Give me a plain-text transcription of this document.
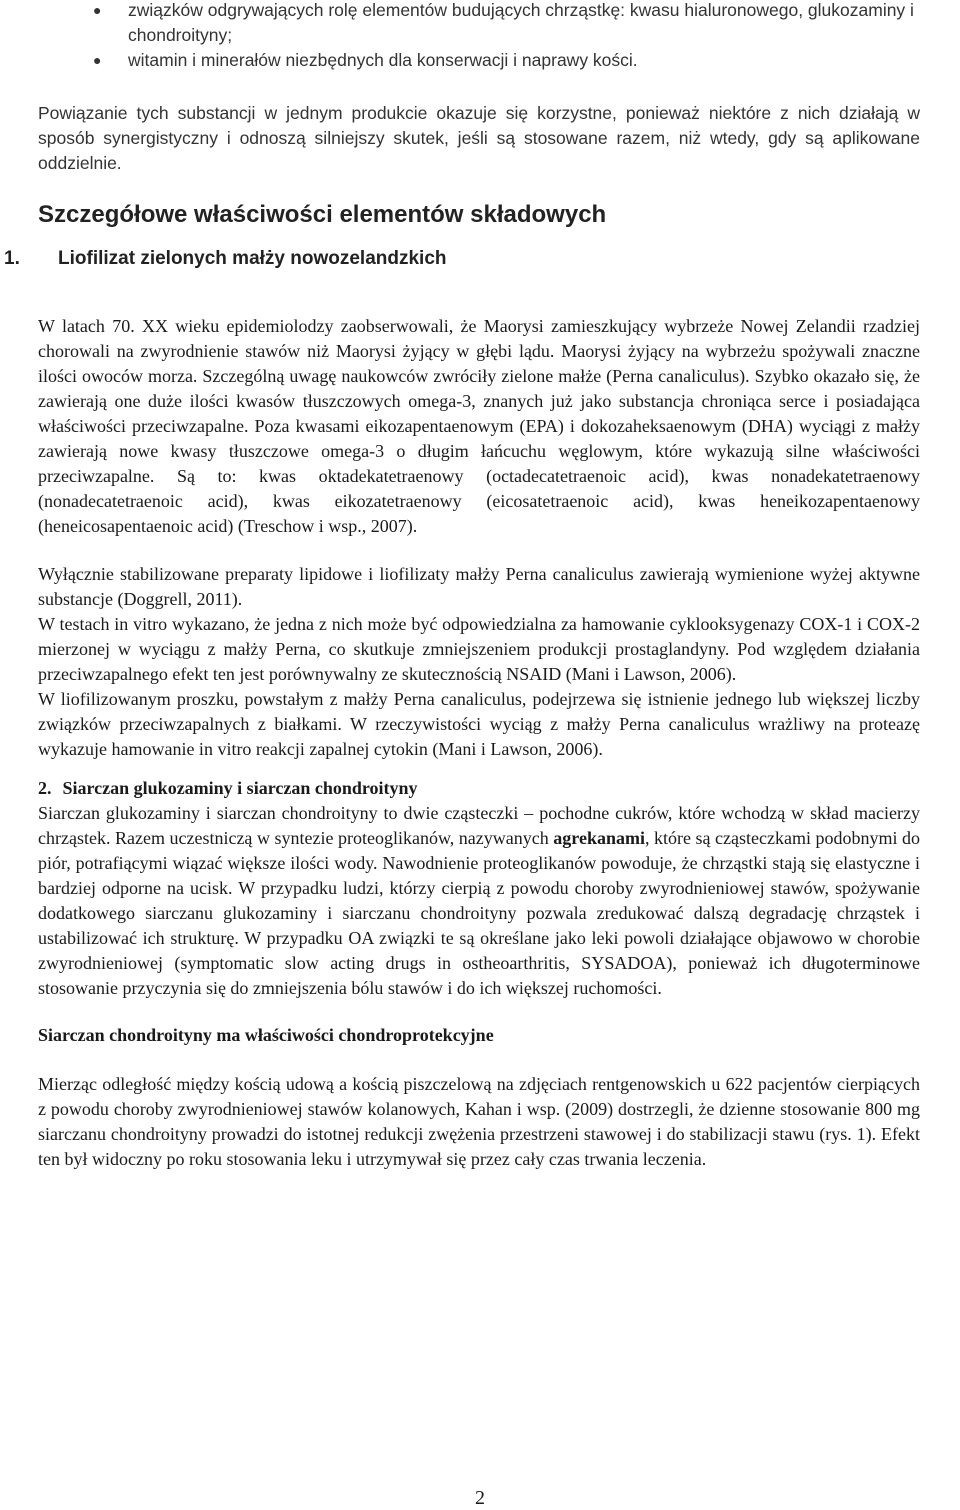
● związków odgrywających rolę elementów budujących chrząstkę: kwasu hialuronowego, glukozaminy i chondroityny;
● witamin i minerałów niezbędnych dla konserwacji i naprawy kości.

Powiązanie tych substancji w jednym produkcie okazuje się korzystne, ponieważ niektóre z nich działają w sposób synergistyczny i odnoszą silniejszy skutek, jeśli są stosowane razem, niż wtedy, gdy są aplikowane oddzielnie.

Szczegółowe właściwości elementów składowych
1. Liofilizat zielonych małży nowozelandzkich

W latach 70. XX wieku epidemiolodzy zaobserwowali, że Maorysi zamieszkujący wybrzeże Nowej Zelandii rzadziej chorowali na zwyrodnienie stawów niż Maorysi żyjący w głębi lądu. Maorysi żyjący na wybrzeżu spożywali znaczne ilości owoców morza. Szczególną uwagę naukowców zwróciły zielone małże (Perna canaliculus). Szybko okazało się, że zawierają one duże ilości kwasów tłuszczowych omega-3, znanych już jako substancja chroniąca serce i posiadająca właściwości przeciwzapalne. Poza kwasami eikozapentaenowym (EPA) i dokozaheksaenowym (DHA) wyciągi z małży zawierają nowe kwasy tłuszczowe omega-3 o długim łańcuchu węglowym, które wykazują silne właściwości przeciwzapalne. Są to: kwas oktadekatetraenowy (octadecatetraenoic acid), kwas nonadekatetraenowy (nonadecatetraenoic acid), kwas eikozatetraenowy (eicosatetraenoic acid), kwas heneikozapentaenowy (heneicosapentaenoic acid) (Treschow i wsp., 2007).

Wyłącznie stabilizowane preparaty lipidowe i liofilizaty małży Perna canaliculus zawierają wymienione wyżej aktywne substancje (Doggrell, 2011).

W testach in vitro wykazano, że jedna z nich może być odpowiedzialna za hamowanie cyklooksygenazy COX-1 i COX-2 mierzonej w wyciągu z małży Perna, co skutkuje zmniejszeniem produkcji prostaglandyny. Pod względem działania przeciwzapalnego efekt ten jest porównywalny ze skutecznością NSAID (Mani i Lawson, 2006).

W liofilizowanym proszku, powstałym z małży Perna canaliculus, podejrzewa się istnienie jednego lub większej liczby związków przeciwzapalnych z białkami. W rzeczywistości wyciąg z małży Perna canaliculus wrażliwy na proteazę wykazuje hamowanie in vitro reakcji zapalnej cytokin (Mani i Lawson, 2006).

2. Siarczan glukozaminy i siarczan chondroityny

Siarczan glukozaminy i siarczan chondroityny to dwie cząsteczki – pochodne cukrów, które wchodzą w skład macierzy chrząstek. Razem uczestniczą w syntezie proteoglikanów, nazywanych agrekanami, które są cząsteczkami podobnymi do piór, potrafiącymi wiązać większe ilości wody. Nawodnienie proteoglikanów powoduje, że chrząstki stają się elastyczne i bardziej odporne na ucisk. W przypadku ludzi, którzy cierpią z powodu choroby zwyrodnieniowej stawów, spożywanie dodatkowego siarczanu glukozaminy i siarczanu chondroityny pozwala zredukować dalszą degradację chrząstek i ustabilizować ich strukturę. W przypadku OA związki te są określane jako leki powoli działające objawowo w chorobie zwyrodnieniowej (symptomatic slow acting drugs in ostheoarthritis, SYSADOA), ponieważ ich długoterminowe stosowanie przyczynia się do zmniejszenia bólu stawów i do ich większej ruchomości.

Siarczan chondroityny ma właściwości chondroprotekcyjne

Mierząc odległość między kością udową a kością piszczelową na zdjęciach rentgenowskich u 622 pacjentów cierpiących z powodu choroby zwyrodnieniowej stawów kolanowych, Kahan i wsp. (2009) dostrzegli, że dzienne stosowanie 800 mg siarczanu chondroityny prowadzi do istotnej redukcji zwężenia przestrzeni stawowej i do stabilizacji stawu (rys. 1). Efekt ten był widoczny po roku stosowania leku i utrzymywał się przez cały czas trwania leczenia.

2
